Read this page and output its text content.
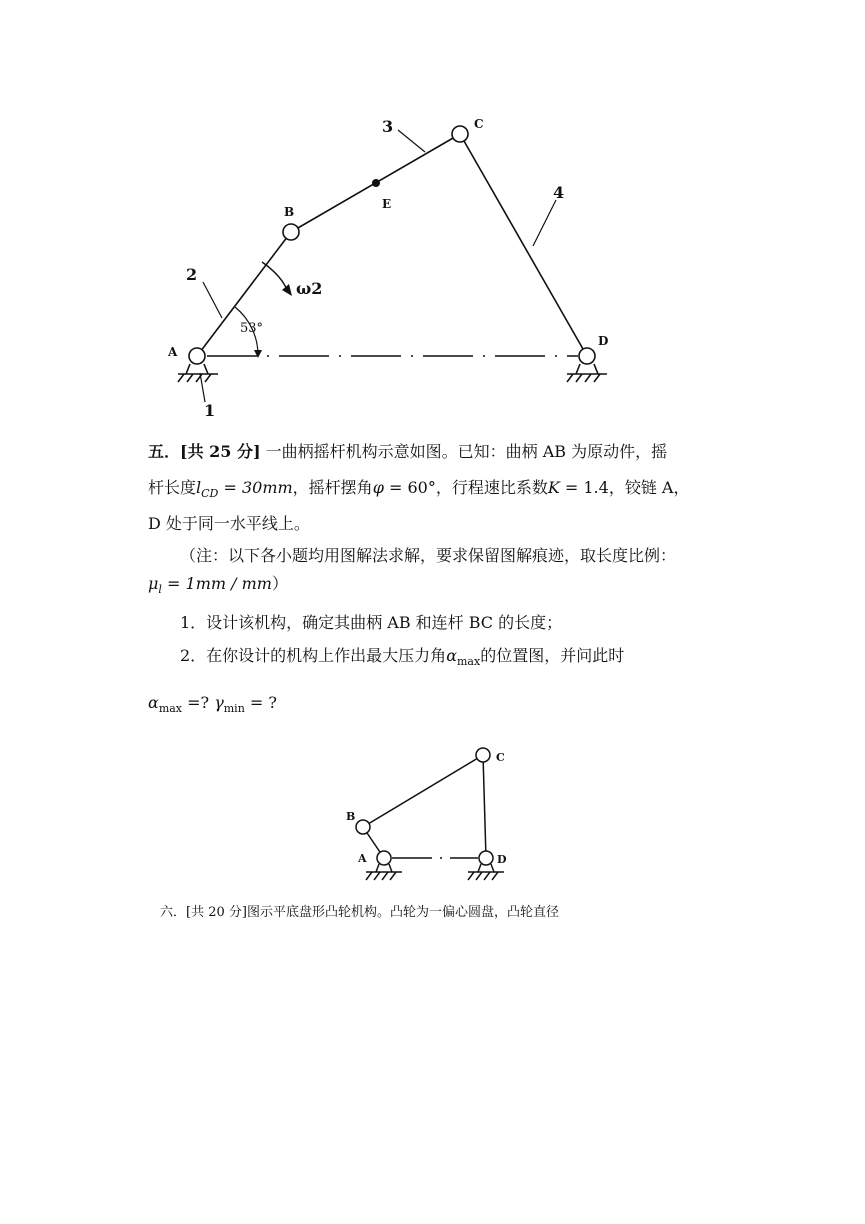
A
B
C
D
E
1
2
3
4
ω2
53°
五．[共 25 分] 一曲柄摇杆机构示意如图。已知：曲柄 AB 为原动件，摇
杆长度$l_{CD} = 30mm$，摇杆摆角φ = 60°，行程速比系数K = 1.4，铰链 A，
D 处于同一水平线上。
（注：以下各小题均用图解法求解，要求保留图解痕迹，取长度比例：
$\mu_l = 1mm / mm$）
1．设计该机构，确定其曲柄 AB 和连杆 BC 的长度；
2．在你设计的机构上作出最大压力角$\alpha_{max}$的位置图，并问此时
$\alpha_{max}$ =? $\gamma_{min}$ = ?
A
B
C
D
六．[共 20 分]图示平底盘形凸轮机构。凸轮为一偏心圆盘，凸轮直径
